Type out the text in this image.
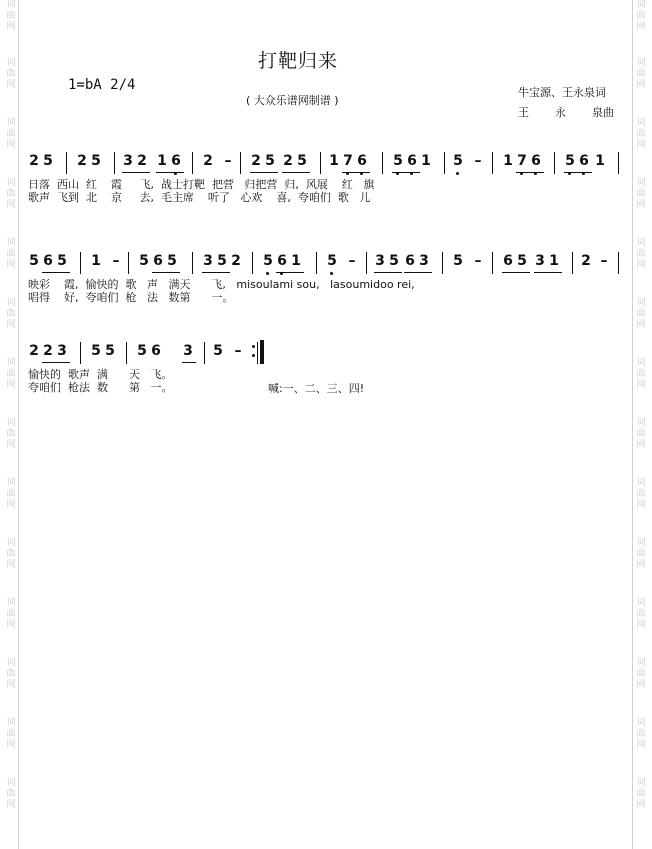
词
曲
网
词
曲
网
词
曲
网
词
曲
网
词
曲
网
词
曲
网
词
曲
网
词
曲
网
词
曲
网
词
曲
网
词
曲
网
词
曲
网
词
曲
网
词
曲
网
词
曲
网
词
曲
网
词
曲
网
词
曲
网
词
曲
网
词
曲
网
词
曲
网
词
曲
网
词
曲
网
词
曲
网
词
曲
网
词
曲
网
词
曲
网
词
曲
网
打靶归来
1=bA 2/4
( 大众乐谱网制谱 )
牛宝源、王永泉词
王 永 泉曲
2 5 2 5 3 2 1 6 2 – 2 5 2 5 1 7 6 5 6 1 5 – 1 7 6 5 6 1
日落  西山  红    霞     飞,  战士打靶  把营   归把营  归,  风展    红   旗
歌声  飞到  北    京     去,  毛主席    听了   心欢    喜,  夸咱们  歌   儿
5 6 5 1 – 5 6 5 3 5 2 5 6 1 5 – 3 5 6 3 5 – 6 5 3 1 2 –
映彩    霞,  愉快的  歌   声   满天      飞,   misoulami sou,   lasoumidoo rei,
唱得    好,  夸咱们  枪   法   数第      一。
2 2 3 5 5 5 6 3 5 –
愉快的  歌声  满      天   飞。
夸咱们  枪法  数      第   一。	喊:一、二、三、四!
